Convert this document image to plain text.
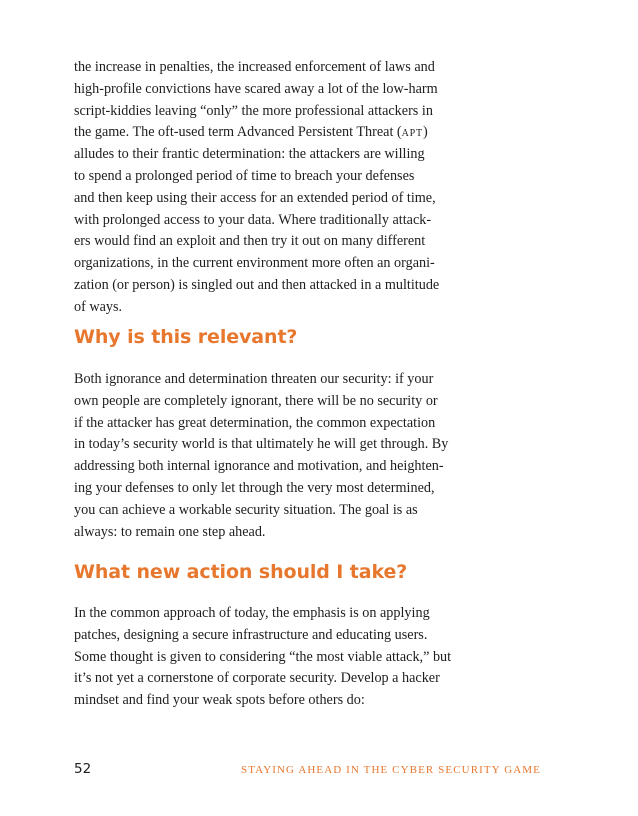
the increase in penalties, the increased enforcement of laws and
high-profile convictions have scared away a lot of the low-harm
script-kiddies leaving “only” the more professional attackers in
the game. The oft-used term Advanced Persistent Threat (apt)
alludes to their frantic determination: the attackers are willing
to spend a prolonged period of time to breach your defenses
and then keep using their access for an extended period of time,
with prolonged access to your data. Where traditionally attack-
ers would find an exploit and then try it out on many different
organizations, in the current environment more often an organi-
zation (or person) is singled out and then attacked in a multitude
of ways.
Why is this relevant?
Both ignorance and determination threaten our security: if your
own people are completely ignorant, there will be no security or
if the attacker has great determination, the common expectation
in today’s security world is that ultimately he will get through. By
addressing both internal ignorance and motivation, and heighten-
ing your defenses to only let through the very most determined,
you can achieve a workable security situation. The goal is as
always: to remain one step ahead.
What new action should I take?
In the common approach of today, the emphasis is on applying
patches, designing a secure infrastructure and educating users.
Some thought is given to considering “the most viable attack,” but
it’s not yet a cornerstone of corporate security. Develop a hacker
mindset and find your weak spots before others do:
52	STAYING AHEAD IN THE CYBER SECURITY GAME
